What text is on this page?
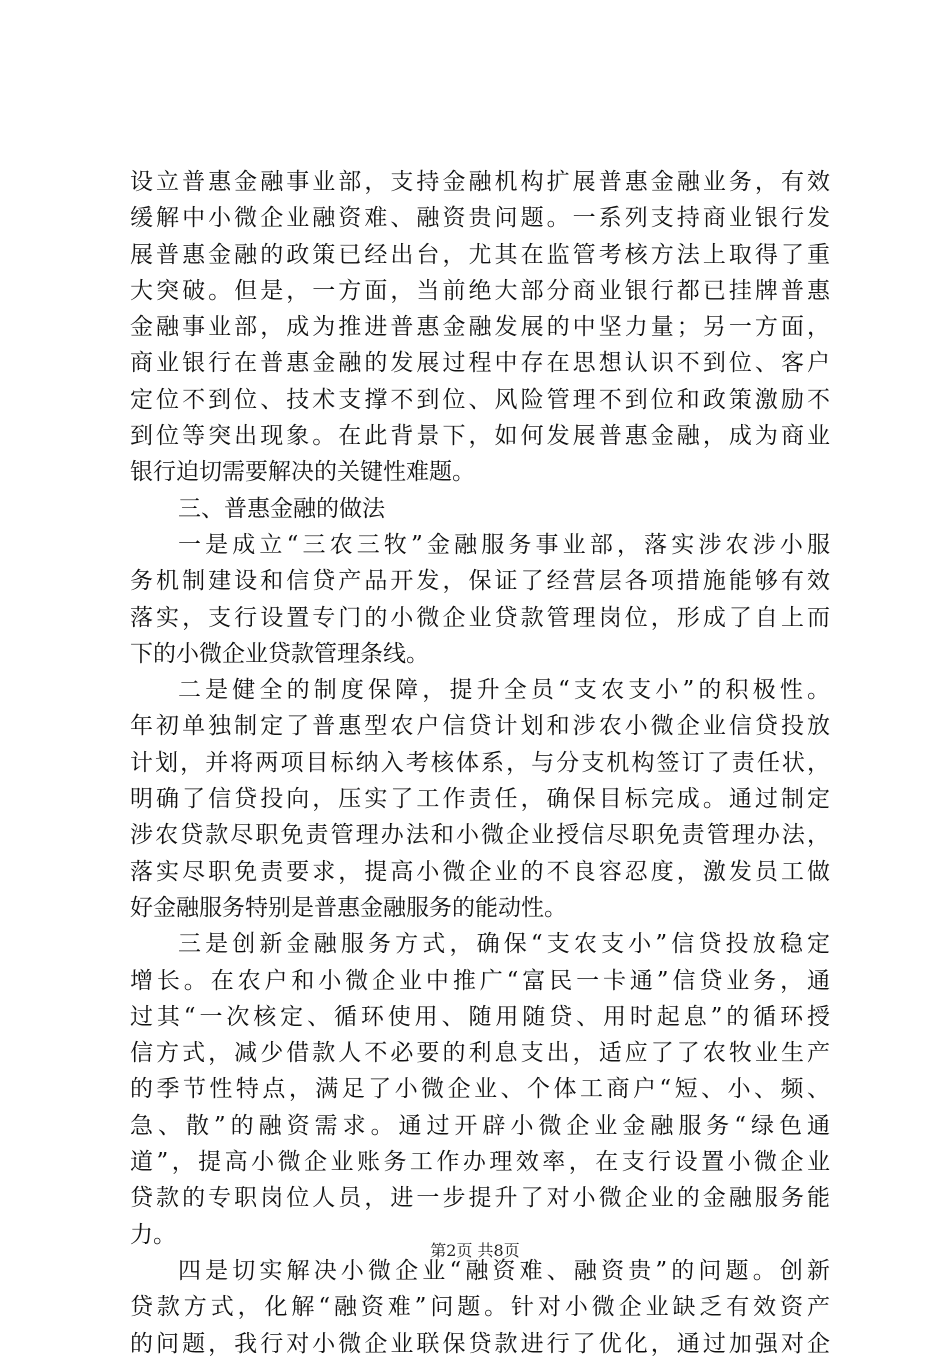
设立普惠金融事业部，支持金融机构扩展普惠金融业务，有效
缓解中小微企业融资难、融资贵问题。一系列支持商业银行发
展普惠金融的政策已经出台，尤其在监管考核方法上取得了重
大突破。但是，一方面，当前绝大部分商业银行都已挂牌普惠
金融事业部，成为推进普惠金融发展的中坚力量；另一方面，
商业银行在普惠金融的发展过程中存在思想认识不到位、客户
定位不到位、技术支撑不到位、风险管理不到位和政策激励不
到位等突出现象。在此背景下，如何发展普惠金融，成为商业
银行迫切需要解决的关键性难题。
三、普惠金融的做法
一是成立“三农三牧”金融服务事业部，落实涉农涉小服
务机制建设和信贷产品开发，保证了经营层各项措施能够有效
落实，支行设置专门的小微企业贷款管理岗位，形成了自上而
下的小微企业贷款管理条线。
二是健全的制度保障，提升全员“支农支小”的积极性。
年初单独制定了普惠型农户信贷计划和涉农小微企业信贷投放
计划，并将两项目标纳入考核体系，与分支机构签订了责任状，
明确了信贷投向，压实了工作责任，确保目标完成。通过制定
涉农贷款尽职免责管理办法和小微企业授信尽职免责管理办法，
落实尽职免责要求，提高小微企业的不良容忍度，激发员工做
好金融服务特别是普惠金融服务的能动性。
三是创新金融服务方式，确保“支农支小”信贷投放稳定
增长。在农户和小微企业中推广“富民一卡通”信贷业务，通
过其“一次核定、循环使用、随用随贷、用时起息”的循环授
信方式，减少借款人不必要的利息支出，适应了了农牧业生产
的季节性特点，满足了小微企业、个体工商户“短、小、频、
急、散”的融资需求。通过开辟小微企业金融服务“绿色通
道”，提高小微企业账务工作办理效率，在支行设置小微企业
贷款的专职岗位人员，进一步提升了对小微企业的金融服务能
力。
四是切实解决小微企业“融资难、融资贵”的问题。创新
贷款方式，化解“融资难”问题。针对小微企业缺乏有效资产
的问题，我行对小微企业联保贷款进行了优化，通过加强对企
第2页 共8页
